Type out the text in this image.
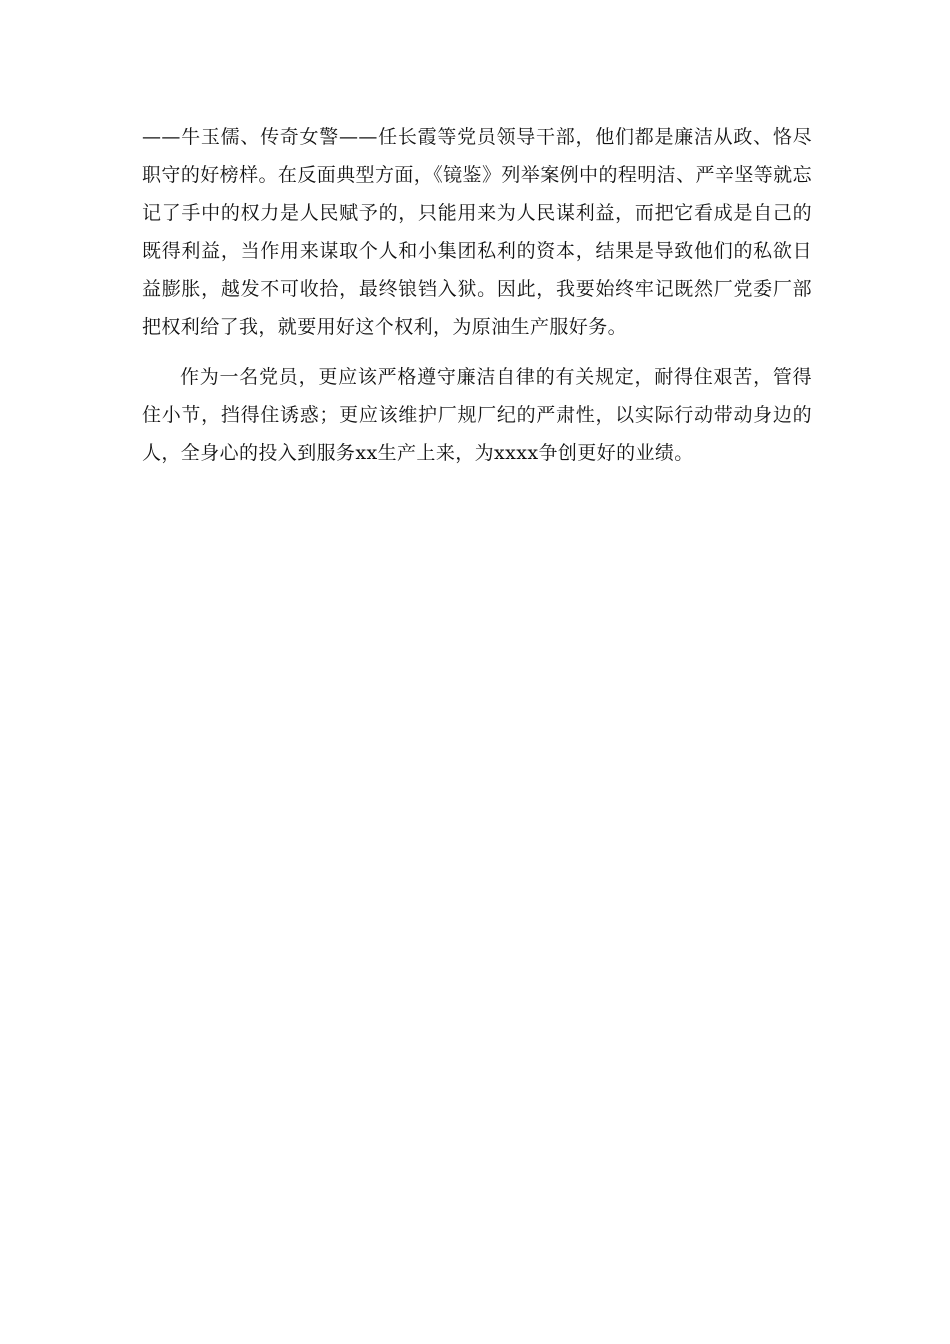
——牛玉儒、传奇女警——任长霞等党员领导干部，他们都是廉洁从政、恪尽职守的好榜样。在反面典型方面，《镜鉴》列举案例中的程明洁、严辛坚等就忘记了手中的权力是人民赋予的，只能用来为人民谋利益，而把它看成是自己的既得利益，当作用来谋取个人和小集团私利的资本，结果是导致他们的私欲日益膨胀，越发不可收拾，最终锒铛入狱。因此，我要始终牢记既然厂党委厂部把权利给了我，就要用好这个权利，为原油生产服好务。

作为一名党员，更应该严格遵守廉洁自律的有关规定，耐得住艰苦，管得住小节，挡得住诱惑；更应该维护厂规厂纪的严肃性，以实际行动带动身边的人，全身心的投入到服务xx生产上来，为xxxx争创更好的业绩。
